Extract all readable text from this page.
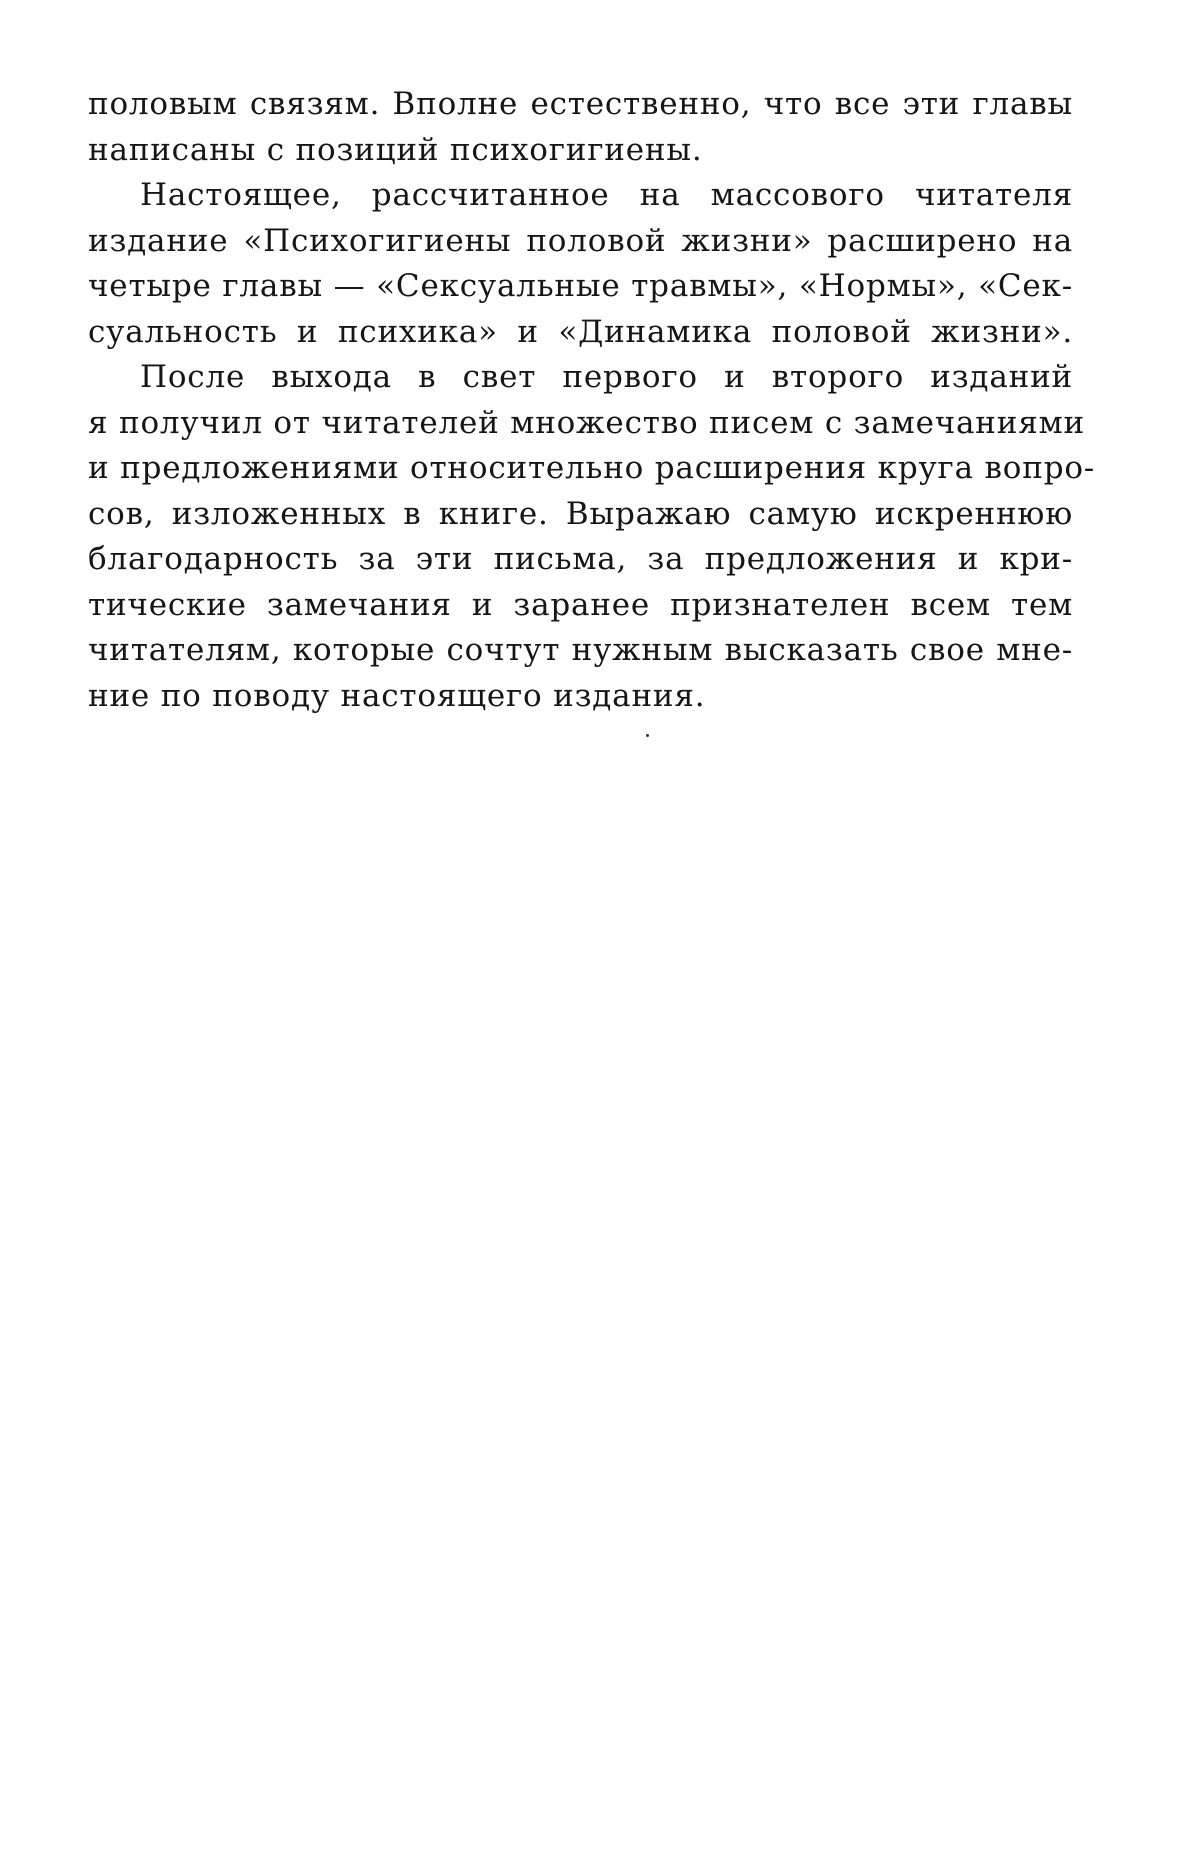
половым связям. Вполне естественно, что все эти главы
написаны с позиций психогигиены.
Настоящее, рассчитанное на массового читателя
издание «Психогигиены половой жизни» расширено на
четыре главы — «Сексуальные травмы», «Нормы», «Сек-
суальность и психика» и «Динамика половой жизни».
После выхода в свет первого и второго изданий
я получил от читателей множество писем с замечаниями
и предложениями относительно расширения круга вопро-
сов, изложенных в книге. Выражаю самую искреннюю
благодарность за эти письма, за предложения и кри-
тические замечания и заранее признателен всем тем
читателям, которые сочтут нужным высказать свое мне-
ние по поводу настоящего издания.
